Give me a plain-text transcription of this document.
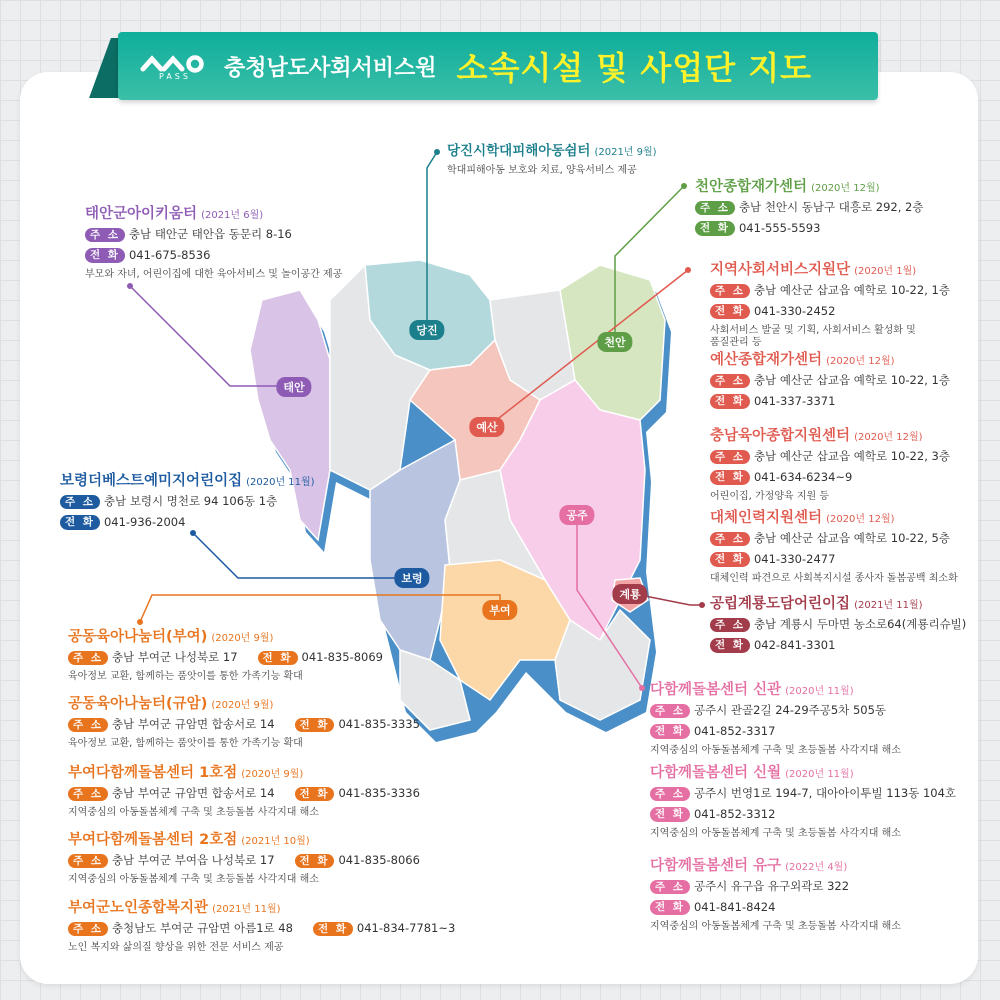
PASS 충청남도사회서비스원 소속시설 및 사업단 지도
태안
당진
천안
예산
공주
보령
부여
계룡
태안군아이키움터 (2021년 6월)
주 소 충남 태안군 태안읍 동문리 8-16
전 화 041-675-8536
부모와 자녀, 어린이집에 대한 육아서비스 및 놀이공간 제공
당진시학대피해아동쉼터 (2021년 9월)
학대피해아동 보호와 치료, 양육서비스 제공
천안종합재가센터 (2020년 12월)
주 소 충남 천안시 동남구 대흥로 292, 2층
전 화 041-555-5593
지역사회서비스지원단 (2020년 1월)
주 소 충남 예산군 삽교읍 예학로 10-22, 1층
전 화 041-330-2452
사회서비스 발굴 및 기획, 사회서비스 활성화 및
품질관리 등
예산종합재가센터 (2020년 12월)
주 소 충남 예산군 삽교읍 예학로 10-22, 1층
전 화 041-337-3371
충남육아종합지원센터 (2020년 12월)
주 소 충남 예산군 삽교읍 예학로 10-22, 3층
전 화 041-634-6234~9
어린이집, 가정양육 지원 등
대체인력지원센터 (2020년 12월)
주 소 충남 예산군 삽교읍 예학로 10-22, 5층
전 화 041-330-2477
대체인력 파견으로 사회복지시설 종사자 돌봄공백 최소화
공립계룡도담어린이집 (2021년 11월)
주 소 충남 계룡시 두마면 농소로64(계룡리슈빌)
전 화 042-841-3301
다함께돌봄센터 신관 (2020년 11월)
주 소 공주시 관골2길 24-29주공5차 505동
전 화 041-852-3317
지역중심의 아동돌봄체계 구축 및 초등돌봄 사각지대 해소
다함께돌봄센터 신월 (2020년 11월)
주 소 공주시 번영1로 194-7, 대아아이투빌 113동 104호
전 화 041-852-3312
지역중심의 아동돌봄체계 구축 및 초등돌봄 사각지대 해소
다함께돌봄센터 유구 (2022년 4월)
주 소 공주시 유구읍 유구외곽로 322
전 화 041-841-8424
지역중심의 아동돌봄체계 구축 및 초등돌봄 사각지대 해소
보령더베스트예미지어린이집 (2020년 11월)
주 소 충남 보령시 명천로 94 106동 1층
전 화 041-936-2004
공동육아나눔터(부여) (2020년 9월)
주 소 충남 부여군 나성북로 17	전 화 041-835-8069
육아정보 교환, 함께하는 품앗이를 통한 가족기능 확대
공동육아나눔터(규암) (2020년 9월)
주 소 충남 부여군 규암면 합송서로 14	전 화 041-835-3335
육아정보 교환, 함께하는 품앗이를 통한 가족기능 확대
부여다함께돌봄센터 1호점 (2020년 9월)
주 소 충남 부여군 규암면 합송서로 14	전 화 041-835-3336
지역중심의 아동돌봄체계 구축 및 초등돌봄 사각지대 해소
부여다함께돌봄센터 2호점 (2021년 10월)
주 소 충남 부여군 부여읍 나성북로 17	전 화 041-835-8066
지역중심의 아동돌봄체계 구축 및 초등돌봄 사각지대 해소
부여군노인종합복지관 (2021년 11월)
주 소 충청남도 부여군 규암면 아름1로 48	전 화 041-834-7781~3
노인 복지와 삶의질 향상을 위한 전문 서비스 제공
